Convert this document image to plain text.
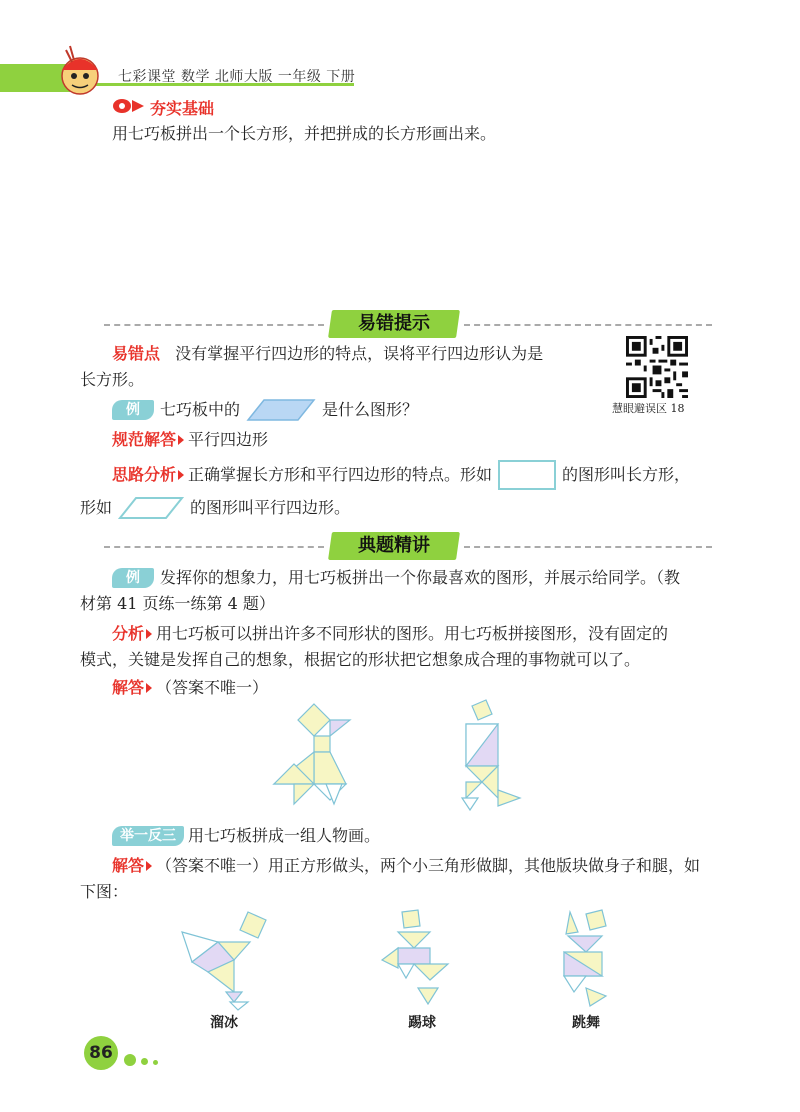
七彩课堂 数学 北师大版 一年级 下册
夯实基础
用七巧板拼出一个长方形，并把拼成的长方形画出来。
易错提示
易错点 没有掌握平行四边形的特点，误将平行四边形认为是
长方形。
慧眼避误区 18
例	七巧板中的	是什么图形？
规范解答 平行四边形
思路分析 正确掌握长方形和平行四边形的特点。形如	的图形叫长方形，
形如	的图形叫平行四边形。
典题精讲
例	发挥你的想象力，用七巧板拼出一个你最喜欢的图形，并展示给同学。（教
材第 41 页练一练第 4 题）
分析 用七巧板可以拼出许多不同形状的图形。用七巧板拼接图形，没有固定的
模式，关键是发挥自己的想象，根据它的形状把它想象成合理的事物就可以了。
解答 （答案不唯一）
举一反三 用七巧板拼成一组人物画。
解答 （答案不唯一）用正方形做头，两个小三角形做脚，其他版块做身子和腿，如
下图：
溜冰	踢球	跳舞
86
